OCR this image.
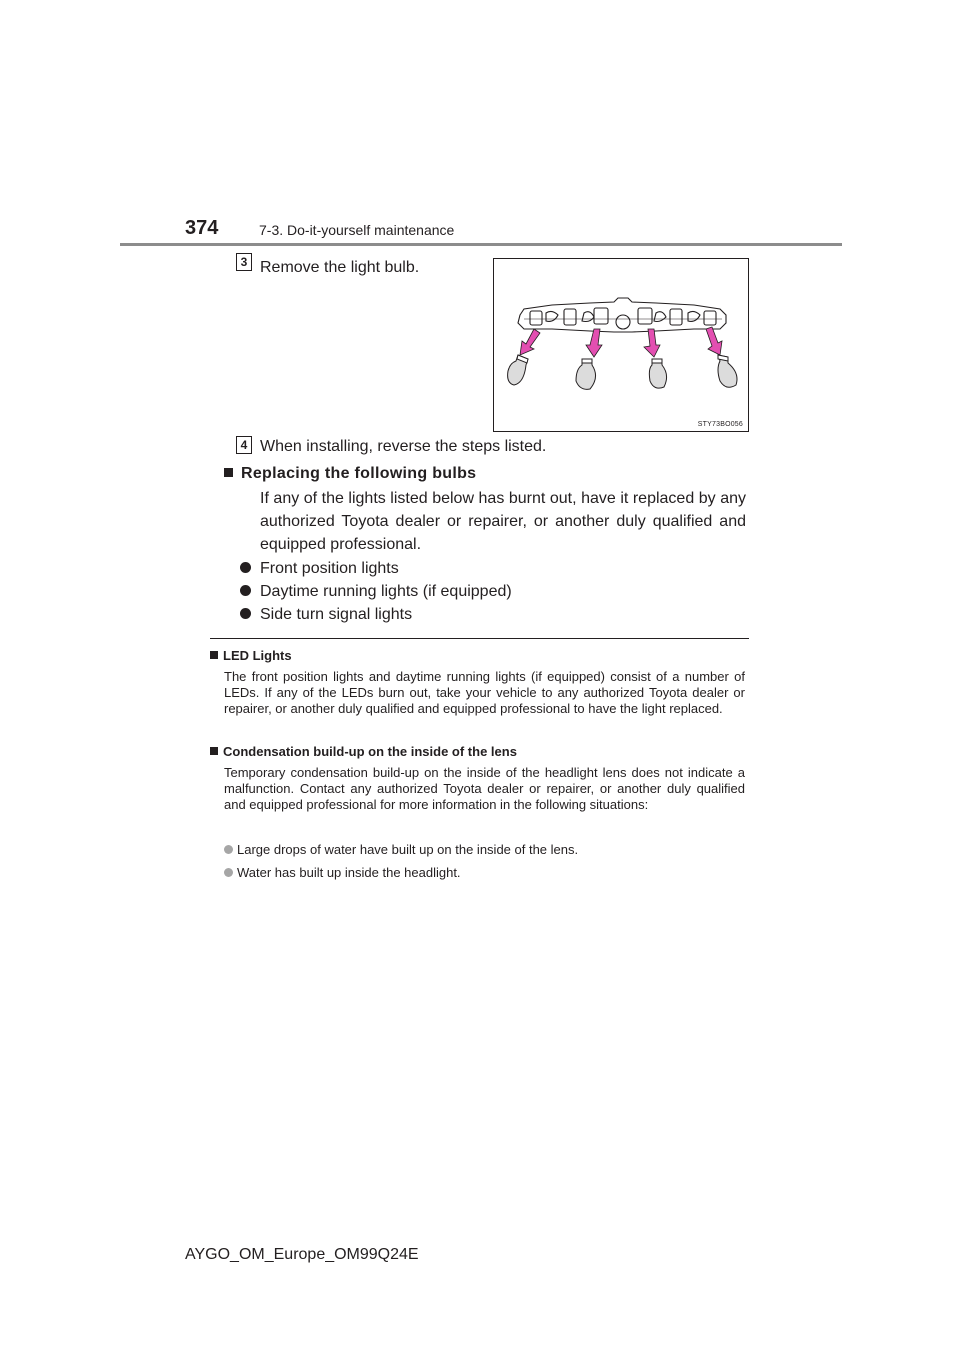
374	7-3. Do-it-yourself maintenance
3 Remove the light bulb.
STY73BO056
4 When installing, reverse the steps listed.
Replacing the following bulbs
If any of the lights listed below has burnt out, have it replaced by any authorized Toyota dealer or repairer, or another duly qualified and equipped professional.
Front position lights
Daytime running lights (if equipped)
Side turn signal lights
LED Lights
The front position lights and daytime running lights (if equipped) consist of a number of LEDs. If any of the LEDs burn out, take your vehicle to any authorized Toyota dealer or repairer, or another duly qualified and equipped professional to have the light replaced.
Condensation build-up on the inside of the lens
Temporary condensation build-up on the inside of the headlight lens does not indicate a malfunction. Contact any authorized Toyota dealer or repairer, or another duly qualified and equipped professional for more information in the following situations:
Large drops of water have built up on the inside of the lens.
Water has built up inside the headlight.
AYGO_OM_Europe_OM99Q24E
